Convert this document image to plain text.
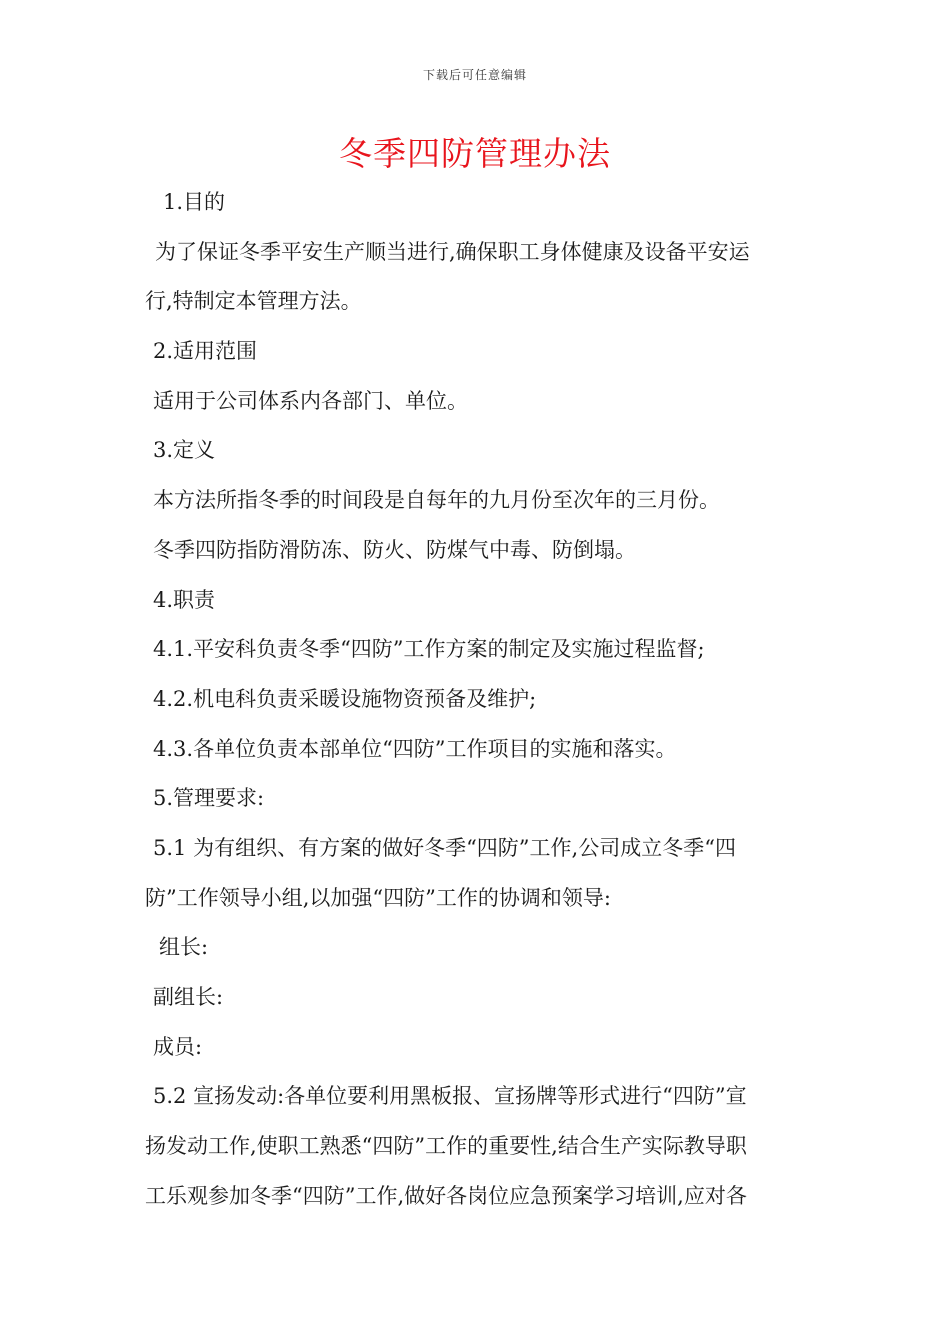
下载后可任意编辑
冬季四防管理办法
1.目的
为了保证冬季平安生产顺当进行,确保职工身体健康及设备平安运
行,特制定本管理方法。
2.适用范围
适用于公司体系内各部门、单位。
3.定义
本方法所指冬季的时间段是自每年的九月份至次年的三月份。
冬季四防指防滑防冻、防火、防煤气中毒、防倒塌。
4.职责
4.1.平安科负责冬季“四防”工作方案的制定及实施过程监督;
4.2.机电科负责采暖设施物资预备及维护;
4.3.各单位负责本部单位“四防”工作项目的实施和落实。
5.管理要求:
5.1 为有组织、有方案的做好冬季“四防”工作,公司成立冬季“四
防”工作领导小组,以加强“四防”工作的协调和领导:
组长:
副组长:
成员:
5.2 宣扬发动:各单位要利用黑板报、宣扬牌等形式进行“四防”宣
扬发动工作,使职工熟悉“四防”工作的重要性,结合生产实际教导职
工乐观参加冬季“四防”工作,做好各岗位应急预案学习培训,应对各
